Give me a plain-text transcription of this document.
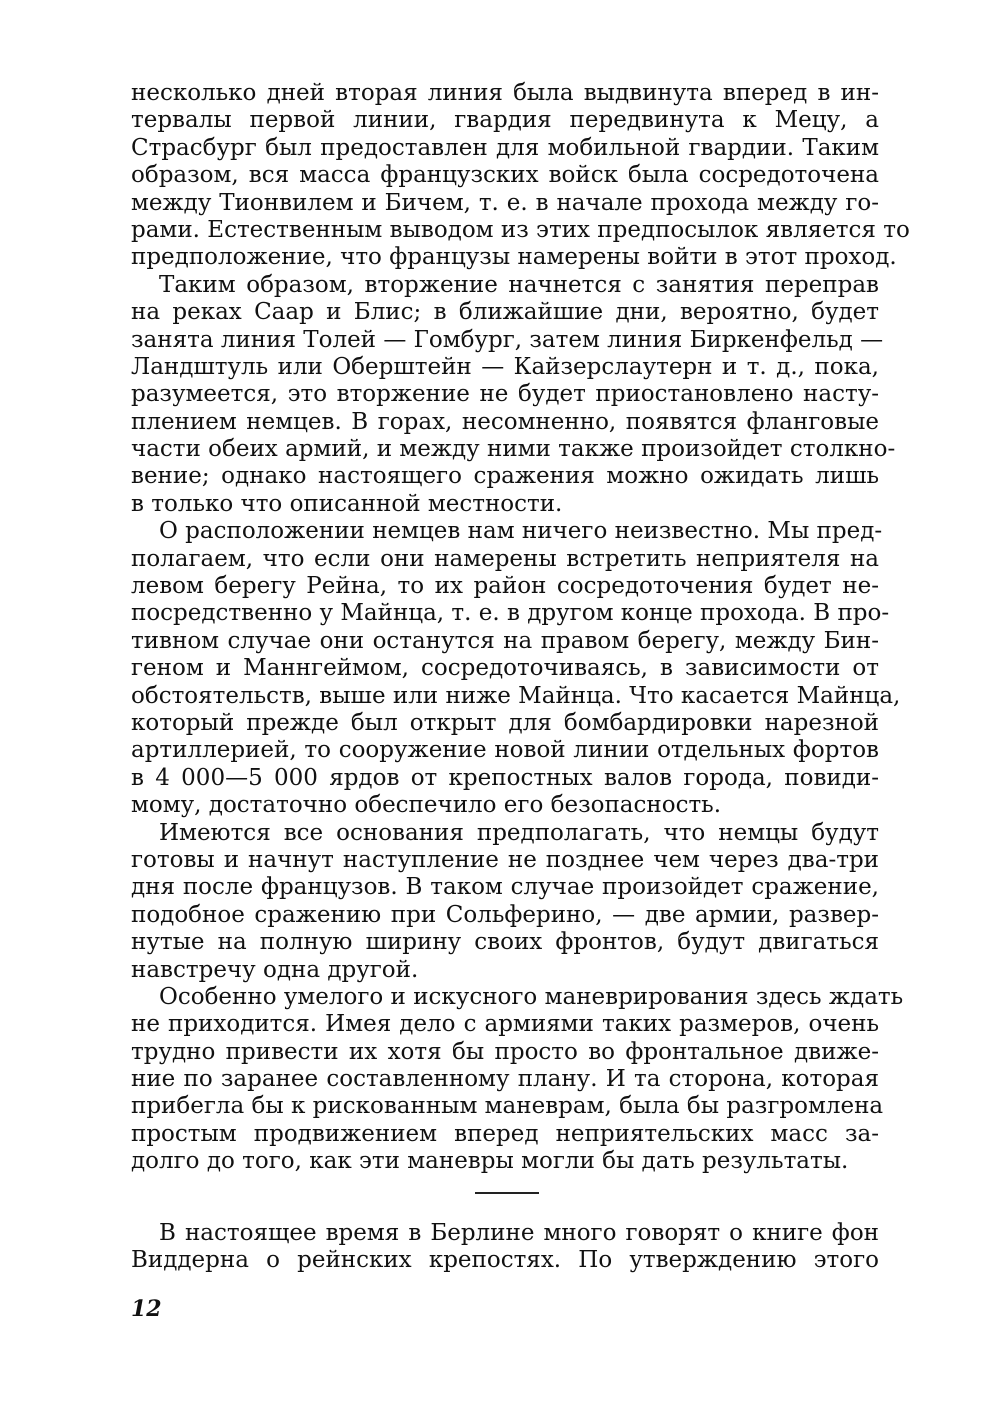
несколько дней вторая линия была выдвинута вперед в ин-
тервалы первой линии, гвардия передвинута к Мецу, а
Страсбург был предоставлен для мобильной гвардии. Таким
образом, вся масса французских войск была сосредоточена
между Тионвилем и Бичем, т. е. в начале прохода между го-
рами. Естественным выводом из этих предпосылок является то
предположение, что французы намерены войти в этот проход.
Таким образом, вторжение начнется с занятия переправ
на реках Саар и Блис; в ближайшие дни, вероятно, будет
занята линия Толей — Гомбург, затем линия Биркенфельд —
Ландштуль или Оберштейн — Кайзерслаутерн и т. д., пока,
разумеется, это вторжение не будет приостановлено насту-
плением немцев. В горах, несомненно, появятся фланговые
части обеих армий, и между ними также произойдет столкно-
вение; однако настоящего сражения можно ожидать лишь
в только что описанной местности.
О расположении немцев нам ничего неизвестно. Мы пред-
полагаем, что если они намерены встретить неприятеля на
левом берегу Рейна, то их район сосредоточения будет не-
посредственно у Майнца, т. е. в другом конце прохода. В про-
тивном случае они останутся на правом берегу, между Бин-
геном и Маннгеймом, сосредоточиваясь, в зависимости от
обстоятельств, выше или ниже Майнца. Что касается Майнца,
который прежде был открыт для бомбардировки нарезной
артиллерией, то сооружение новой линии отдельных фортов
в 4 000—5 000 ярдов от крепостных валов города, повиди-
мому, достаточно обеспечило его безопасность.
Имеются все основания предполагать, что немцы будут
готовы и начнут наступление не позднее чем через два-три
дня после французов. В таком случае произойдет сражение,
подобное сражению при Сольферино, — две армии, развер-
нутые на полную ширину своих фронтов, будут двигаться
навстречу одна другой.
Особенно умелого и искусного маневрирования здесь ждать
не приходится. Имея дело с армиями таких размеров, очень
трудно привести их хотя бы просто во фронтальное движе-
ние по заранее составленному плану. И та сторона, которая
прибегла бы к рискованным маневрам, была бы разгромлена
простым продвижением вперед неприятельских масс за-
долго до того, как эти маневры могли бы дать результаты.
В настоящее время в Берлине много говорят о книге фон
Виддерна о рейнских крепостях. По утверждению этого
12
